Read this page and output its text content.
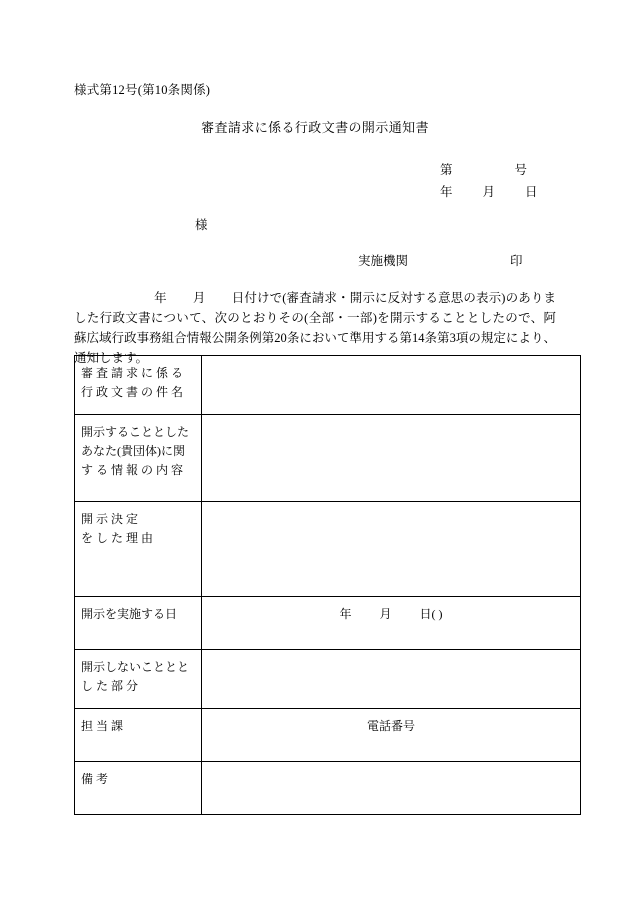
様式第12号(第10条関係)
審査請求に係る行政文書の開示通知書
第	号
年 月 日
様
実施機関	印
年 月 日付けで(審査請求・開示に反対する意思の表示)のありました行政文書について、次のとおりその(全部・一部)を開示することとしたので、阿蘇広域行政事務組合情報公開条例第20条において準用する第14条第3項の規定により、通知します。
審 査 請 求 に 係 る
行 政 文 書 の 件 名	

開示することとした
あなた(貴団体)に関
す る 情 報 の 内 容	

開 示 決 定
を し た 理 由	

開示を実施する日	年 月 日( )

開示しないこととと
し た 部 分	

担 当 課	電話番号

備 考	
